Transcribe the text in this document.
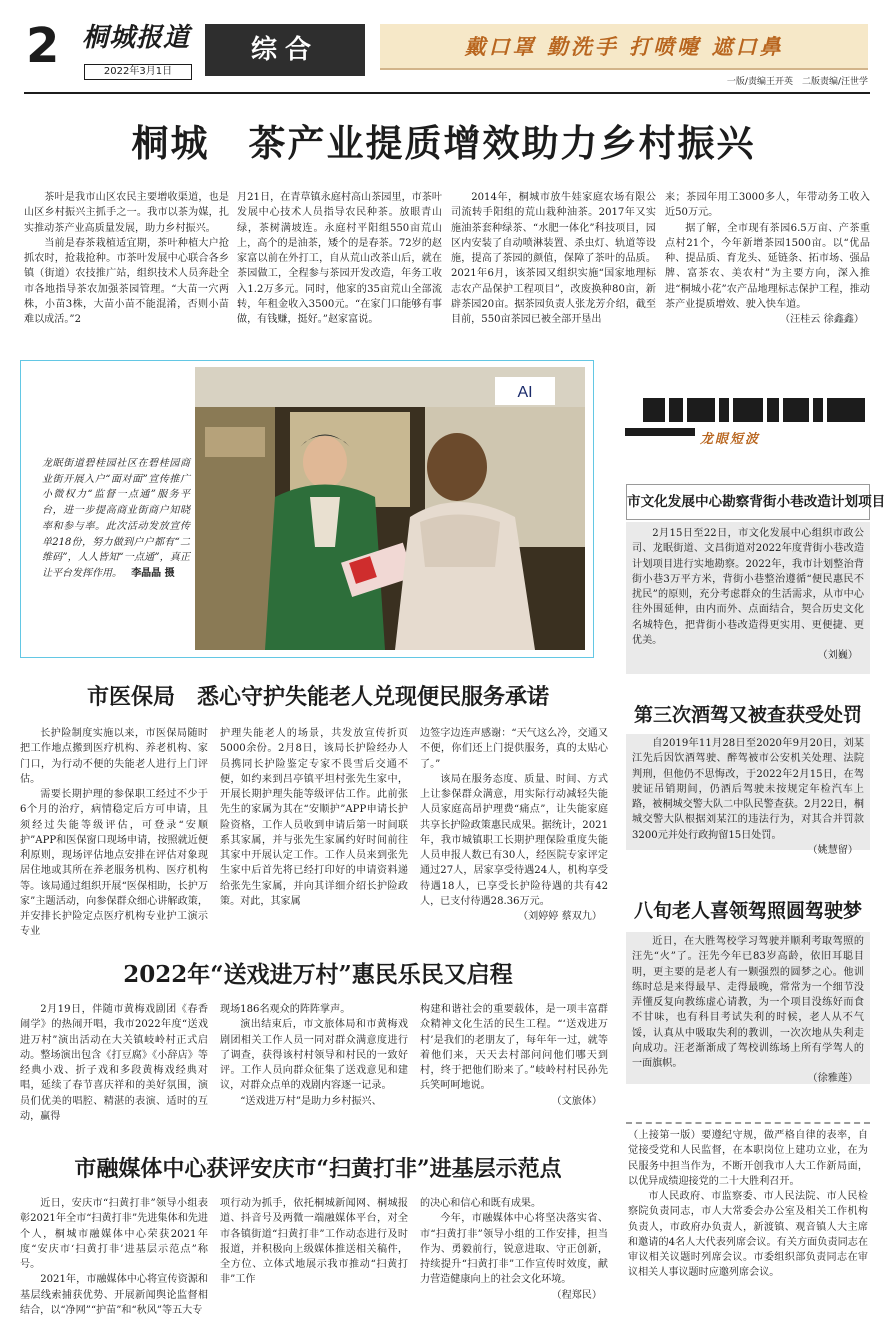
2 桐城报道
2022年3月1日
综合	戴口罩 勤洗手 打喷嚏 遮口鼻
一版/责编王开英　二版责编/汪世学
桐城　茶产业提质增效助力乡村振兴

茶叶是我市山区农民主要增收渠道，也是山区乡村振兴主抓手之一。我市以茶为媒，扎实推动茶产业高质量发展，助力乡村振兴。

当前是春茶栽植适宜期，茶叶种植大户抢抓农时，抢栽抢种。市茶叶发展中心联合各乡镇（街道）农技推广站，组织技术人员奔赴全市各地指导茶农加强茶园管理。“大苗一穴两株，小苗3株，大苗小苗不能混淆，否则小苗难以成活。”2

月21日，在青草镇永庭村高山茶园里，市茶叶发展中心技术人员指导农民种茶。放眼青山绿，茶树满坡连。永庭村平阳组550亩荒山上，高个的是油茶，矮个的是春茶。72岁的赵家富以前在外打工，自从荒山改茶山后，就在茶园做工，全程参与茶园开发改造，年务工收入1.2万多元。同时，他家的35亩荒山全部流转，年租金收入3500元。“在家门口能够有事做，有钱赚，挺好。”赵家富说。

2014年，桐城市放牛娃家庭农场有限公司流转手阳组的荒山栽种油茶。2017年又实施油茶套种绿茶、“水肥一体化”科技项目，园区内安装了自动喷淋装置、杀虫灯、轨道等设施，提高了茶园的颜值，保障了茶叶的品质。2021年6月，该茶园又组织实施“国家地理标志农产品保护工程项目”，改废换种80亩，新辟茶园20亩。据茶园负责人张龙芳介绍，截至目前，550亩茶园已被全部开垦出

来；茶园年用工3000多人，年带动务工收入近50万元。

据了解，全市现有茶园6.5万亩、产茶重点村21个，今年新增茶园1500亩。以“优品种、提品质、育龙头、延链条、拓市场、强品牌、富茶农、美农村”为主要方向，深入推进“桐城小花”农产品地理标志保护工程，推动茶产业提质增效、驶入快车道。

（汪桂云 徐鑫鑫）
AI
龙眠街道碧桂园社区在碧桂园商业街开展入户“面对面”宣传推广小微权力“监督一点通”服务平台，进一步提高商业街商户知晓率和参与率。此次活动发放宣传单218份，努力做到户户都有“二维码”，人人皆知“一点通”，真正让平台发挥作用。 李晶晶 摄
龙眼短波
市文化发展中心勘察背街小巷改造计划项目

2月15日至22日，市文化发展中心组织市政公司、龙眠街道、文昌街道对2022年度背街小巷改造计划项目进行实地勘察。2022年，我市计划整治背街小巷3万平方米，背街小巷整治遵循“便民惠民不扰民”的原则，充分考虑群众的生活需求，从市中心往外围延伸，由内而外、点面结合，契合历史文化名城特色，把背街小巷改造得更实用、更便捷、更优美。

（刘巍）
第三次酒驾又被查获受处罚

自2019年11月28日至2020年9月20日，刘某江先后因饮酒驾驶、醉驾被市公安机关处理、法院判刑，但他仍不思悔改，于2022年2月15日，在驾驶证吊销期间，仍酒后驾驶未按规定年检汽车上路，被桐城交警大队二中队民警查获。2月22日，桐城交警大队根据刘某江的违法行为，对其合并罚款3200元并处行政拘留15日处罚。

（姚慧留）
八旬老人喜领驾照圆驾驶梦

近日，在大胜驾校学习驾驶并顺利考取驾照的汪先“火”了。汪先今年已83岁高龄，依旧耳聪目明，更主要的是老人有一颗强烈的圆梦之心。他训练时总是来得最早、走得最晚，常常为一个细节没弄懂反复向教练虚心请教，为一个项目没练好而食不甘味，也有科目考试失利的时候，老人从不气馁，认真从中吸取失利的教训，一次次地从失利走向成功。汪老渐渐成了驾校训练场上所有学驾人的一面旗帜。

（徐雅莲）

（上接第一版）要遵纪守规，做严格自律的表率，自觉接受党和人民监督，在本职岗位上建功立业，在为民服务中担当作为，不断开创我市人大工作新局面，以优异成绩迎接党的二十大胜利召开。

市人民政府、市监察委、市人民法院、市人民检察院负责同志，市人大常委会办公室及相关工作机构负责人，市政府办负责人，新渡镇、观音镇人大主席和邀请的4名人大代表列席会议。有关方面负责同志在审议相关议题时列席会议。市委组织部负责同志在审议相关人事议题时应邀列席会议。

市医保局　悉心守护失能老人兑现便民服务承诺

长护险制度实施以来，市医保局随时把工作地点搬到医疗机构、养老机构、家门口，为行动不便的失能老人进行上门评估。

需要长期护理的参保职工经过不少于6个月的治疗，病情稳定后方可申请，且须经过失能等级评估，可登录“安顺护”APP和医保窗口现场申请，按照就近便利原则，现场评估地点安排在评估对象现居住地或其所在养老服务机构、医疗机构等。该局通过组织开展“医保相助，长护万家”主题活动，向参保群众细心讲解政策，并安排长护险定点医疗机构专业护工演示专业

护理失能老人的场景，共发放宣传折页5000余份。2月8日，该局长护险经办人员携同长护险鉴定专家不畏雪后交通不便，如约来到吕亭镇平坦村张先生家中，开展长期护理失能等级评估工作。此前张先生的家属为其在“安顺护”APP申请长护险资格，工作人员收到申请后第一时间联系其家属，并与张先生家属约好时间前往其家中开展认定工作。工作人员来到张先生家中后首先将已经打印好的申请资料递给张先生家属，并向其详细介绍长护险政策。对此，其家属

边签字边连声感谢：“天气这么冷，交通又不便，你们还上门提供服务，真的太贴心了。”

该局在服务态度、质量、时间、方式上让参保群众满意，用实际行动减轻失能人员家庭高昂护理费“痛点”，让失能家庭共享长护险政策惠民成果。据统计，2021年，我市城镇职工长期护理保险重度失能人员申报人数已有30人，经医院专家评定通过27人，居家享受待遇24人，机构享受待遇18人，已享受长护险待遇的共有42人，已支付待遇28.36万元。

（刘婷婷 蔡双九）
2022年“送戏进万村”惠民乐民又启程

2月19日，伴随市黄梅戏剧团《春香闹学》的热闹开唱，我市2022年度“送戏进万村”演出活动在大关镇岐岭村正式启动。整场演出包含《打豆腐》《小辞店》等经典小戏、折子戏和多段黄梅戏经典对唱，延续了春节喜庆祥和的美好氛围，演员们优美的唱腔、精湛的表演、适时的互动，赢得

现场186名观众的阵阵掌声。

演出结束后，市文旅体局和市黄梅戏剧团相关工作人员一同对群众满意度进行了调查，获得该村村领导和村民的一致好评。工作人员向群众征集了送戏意见和建议，对群众点单的戏剧内容逐一记录。

“送戏进万村”是助力乡村振兴、

构建和谐社会的重要载体，是一项丰富群众精神文化生活的民生工程。“‘送戏进万村’是我们的老朋友了，每年年一过，就等着他们来，天天去村部问问他们哪天到村，终于把他们盼来了。”岐岭村村民孙先兵笑呵呵地说。

（文旅体）
市融媒体中心获评安庆市“扫黄打非”进基层示范点

近日，安庆市“扫黄打非”领导小组表彰2021年全市“扫黄打非”先进集体和先进个人，桐城市融媒体中心荣获2021年度“安庆市‘扫黄打非’进基层示范点”称号。

2021年，市融媒体中心将宣传资源和基层线索捕获优势、开展新闻舆论监督相结合，以“净网”“护苗”和“秋风”等五大专

项行动为抓手，依托桐城新闻网、桐城报道、抖音号及两微一端融媒体平台，对全市各镇街道“扫黄打非”工作动态进行及时报道，并积极向上级媒体推送相关稿件，全方位、立体式地展示我市推动“扫黄打非”工作

的决心和信心和既有成果。

今年，市融媒体中心将坚决落实省、市“扫黄打非”领导小组的工作安排，担当作为、勇毅前行，锐意进取、守正创新，持续提升“扫黄打非”工作宣传时效度，献力营造健康向上的社会文化环境。

（程郑民）
